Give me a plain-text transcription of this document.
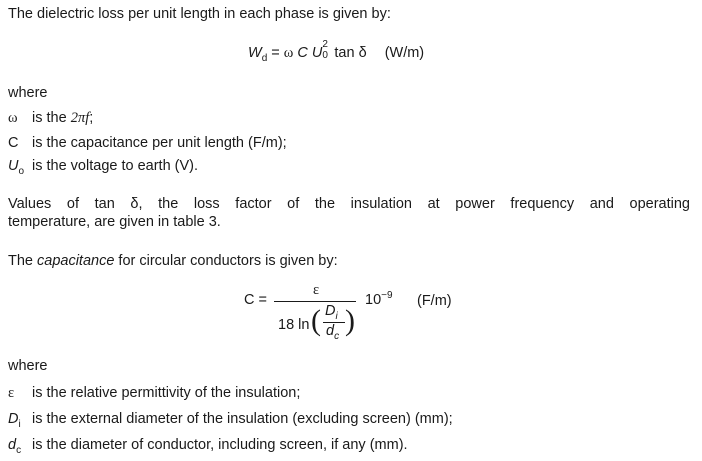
The dielectric loss per unit length in each phase is given by:
$W_d = \omega$ C U
2
0 tan δ (W/m)
where
ω is the 2πf;
C is the capacitance per unit length (F/m);
$U_o$ is the voltage to earth (V).
Values of tan δ, the loss factor of the insulation at power frequency and operating
temperature, are given in table 3.
The capacitance for circular conductors is given by:
C =
ε
18 ln ( $D_i$
$d_c$ )
$10^{-9}$ (F/m)
where
ε is the relative permittivity of the insulation;
$D_i$ is the external diameter of the insulation (excluding screen) (mm);
$d_c$ is the diameter of conductor, including screen, if any (mm).
